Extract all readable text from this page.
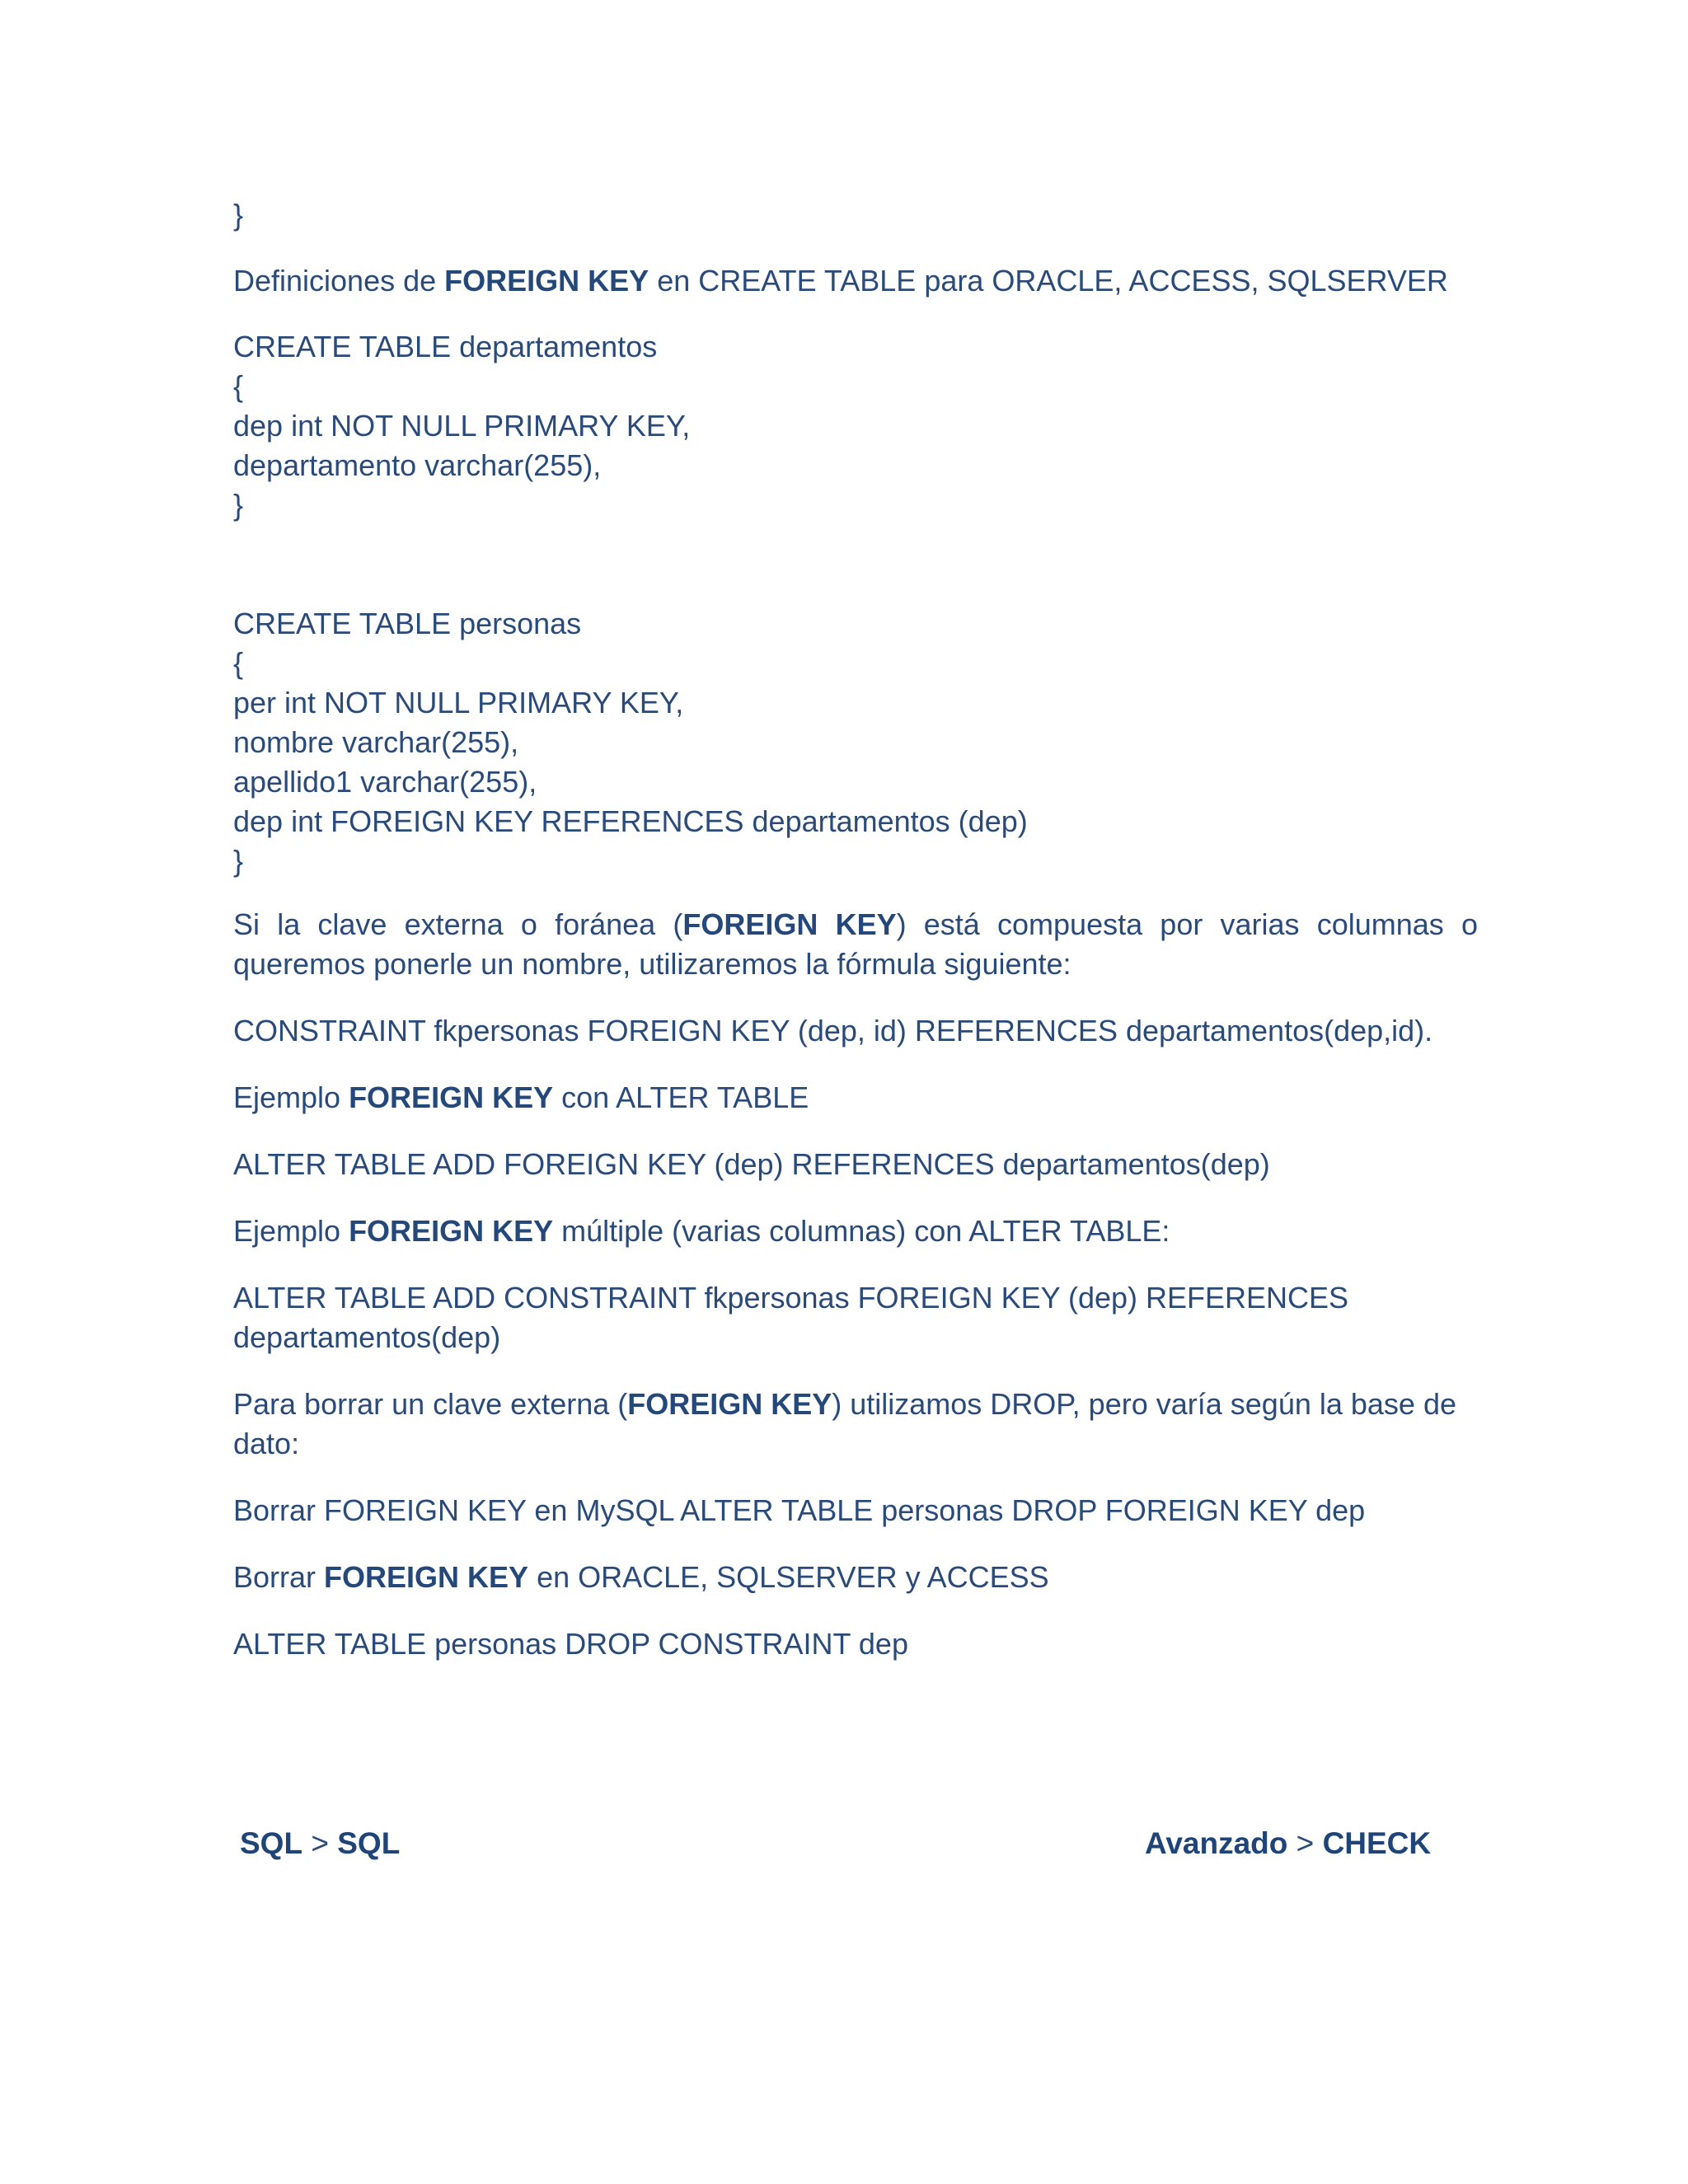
}
Definiciones de FOREIGN KEY en CREATE TABLE para ORACLE, ACCESS, SQLSERVER
CREATE TABLE departamentos
{
dep int NOT NULL PRIMARY KEY,
departamento varchar(255),
}
CREATE TABLE personas
{
per int NOT NULL PRIMARY KEY,
nombre varchar(255),
apellido1 varchar(255),
dep int FOREIGN KEY REFERENCES departamentos (dep)
}
Si la clave externa o foránea (FOREIGN KEY) está compuesta por varias columnas o queremos ponerle un nombre, utilizaremos la fórmula siguiente:
CONSTRAINT fkpersonas FOREIGN KEY (dep, id) REFERENCES departamentos(dep,id).
Ejemplo FOREIGN KEY con ALTER TABLE
ALTER TABLE ADD FOREIGN KEY (dep) REFERENCES departamentos(dep)
Ejemplo FOREIGN KEY múltiple (varias columnas) con ALTER TABLE:
ALTER TABLE ADD CONSTRAINT fkpersonas FOREIGN KEY (dep) REFERENCES
departamentos(dep)
Para borrar un clave externa (FOREIGN KEY) utilizamos DROP, pero varía según la base de dato:
Borrar FOREIGN KEY en MySQL ALTER TABLE personas DROP FOREIGN KEY dep
Borrar FOREIGN KEY en ORACLE, SQLSERVER y ACCESS
ALTER TABLE personas DROP CONSTRAINT dep
SQL > SQL	Avanzado > CHECK
